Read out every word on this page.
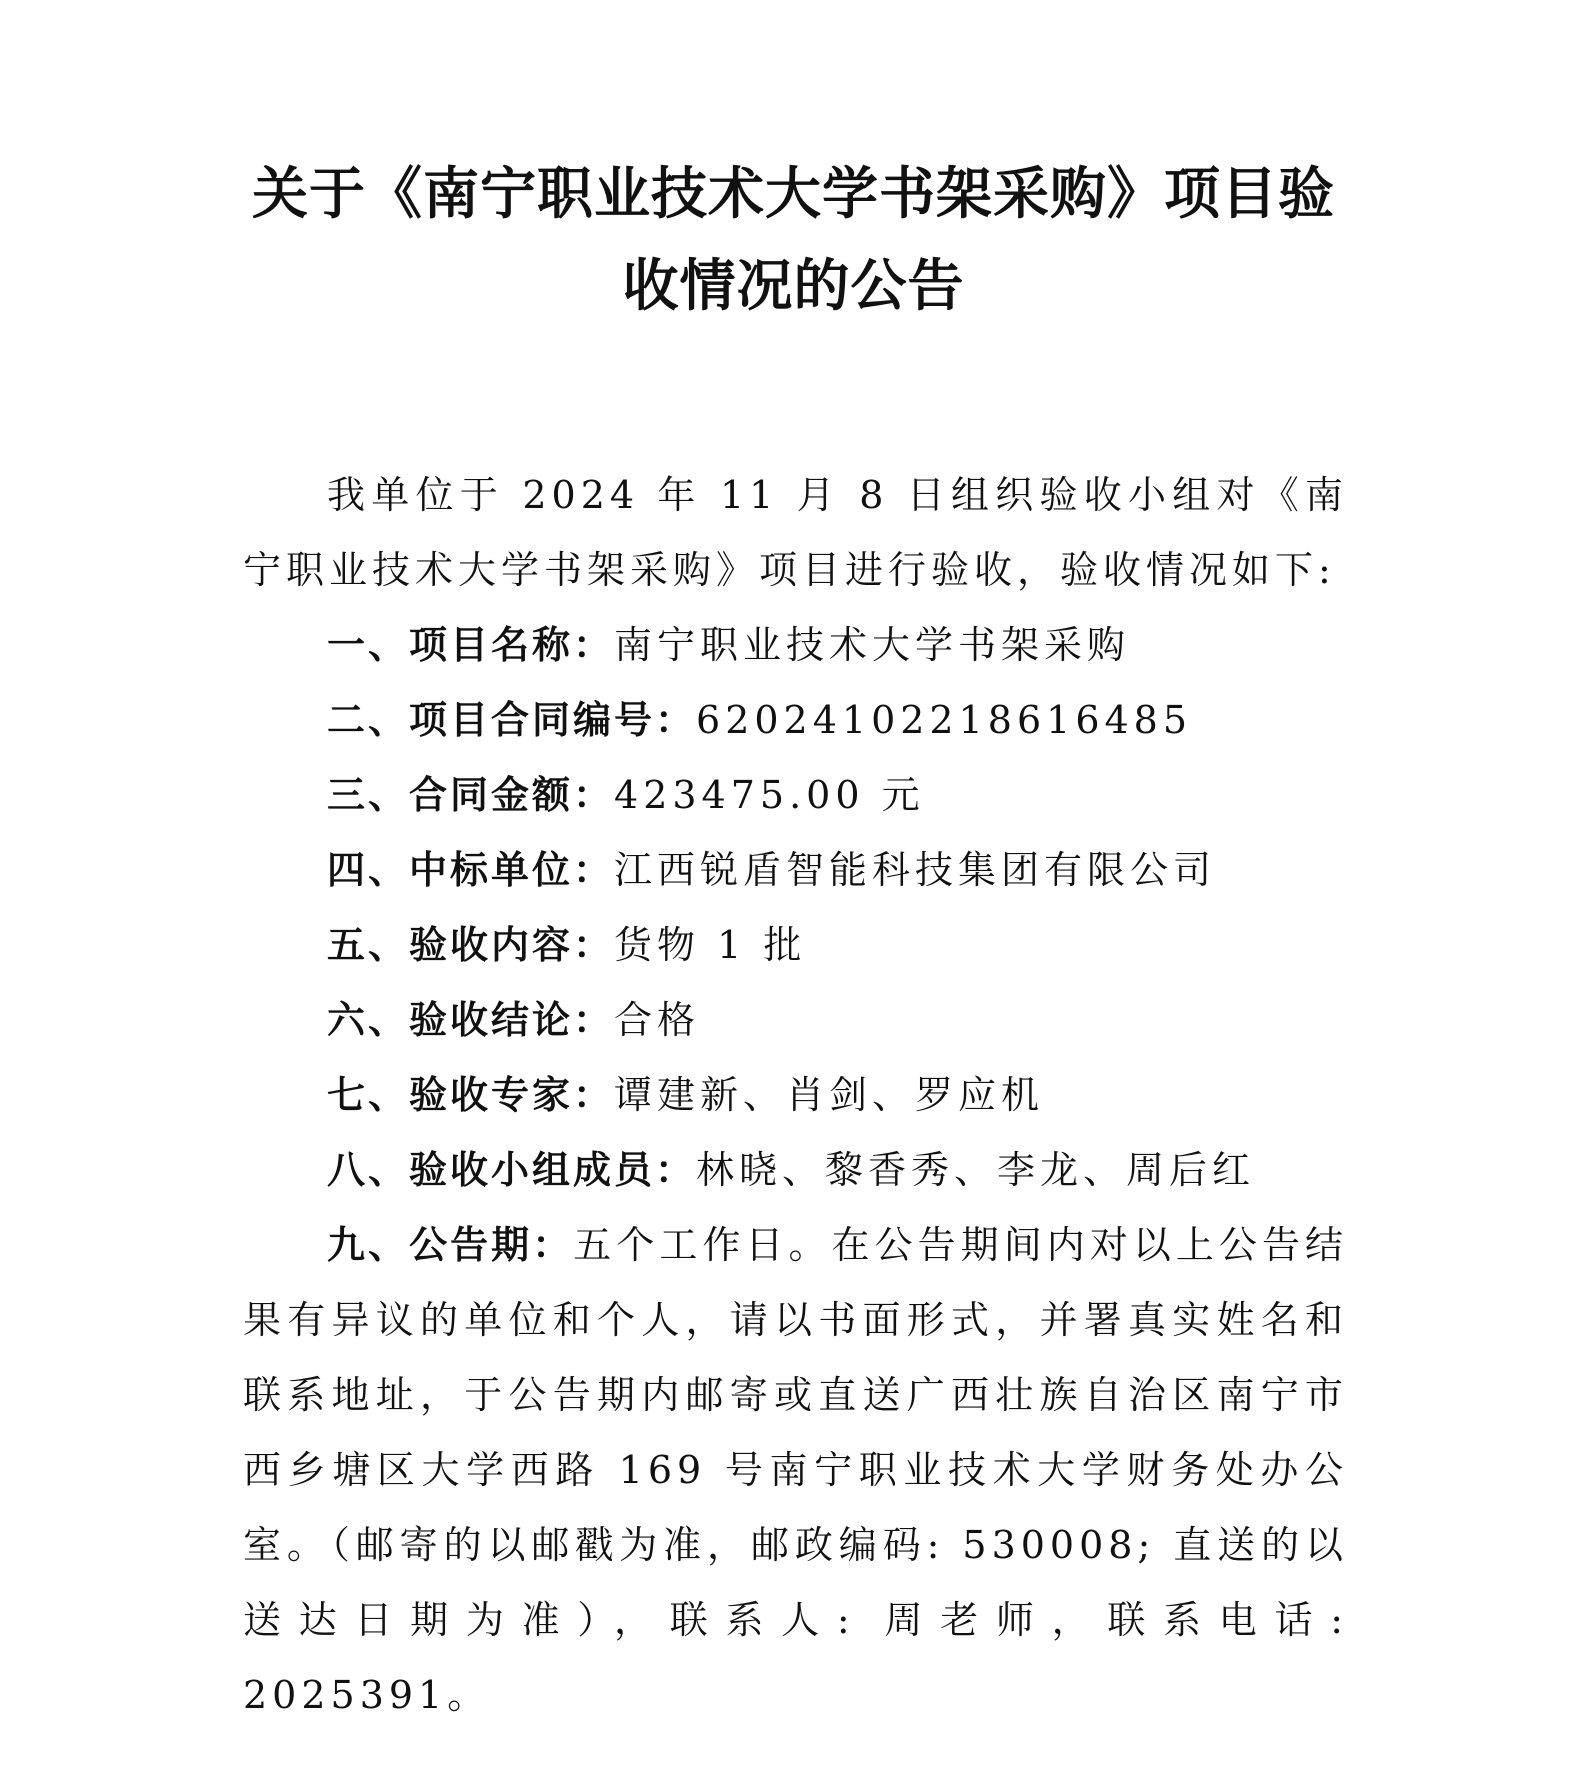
关于《南宁职业技术大学书架采购》项目验收情况的公告

我单位于 2024 年 11 月 8 日组织验收小组对《南宁职业技术大学书架采购》项目进行验收，验收情况如下:

一、项目名称：南宁职业技术大学书架采购
二、项目合同编号：62024102218616485
三、合同金额：423475.00 元
四、中标单位：江西锐盾智能科技集团有限公司
五、验收内容：货物 1 批
六、验收结论：合格
七、验收专家：谭建新、肖剑、罗应机
八、验收小组成员：林晓、黎香秀、李龙、周后红
九、公告期：五个工作日。在公告期间内对以上公告结果有异议的单位和个人，请以书面形式，并署真实姓名和联系地址，于公告期内邮寄或直送广西壮族自治区南宁市西乡塘区大学西路 169 号南宁职业技术大学财务处办公室。（邮寄的以邮戳为准，邮政编码: 530008; 直送的以送达日期为准），联系人: 周老师，联系电话: 2025391。
